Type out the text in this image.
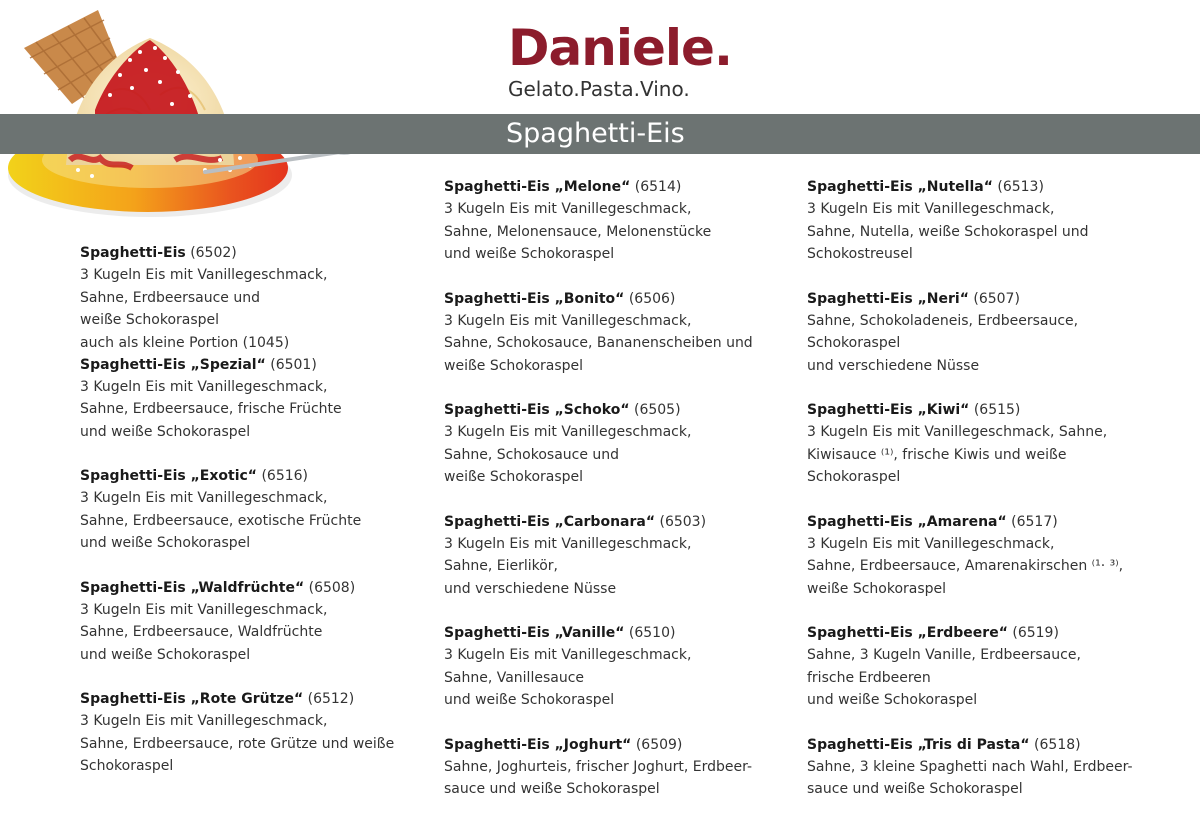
Daniele.
Gelato.Pasta.Vino.
Spaghetti-Eis
Spaghetti-Eis (6502)
3 Kugeln Eis mit Vanillegeschmack,
Sahne, Erdbeersauce und
weiße Schokoraspel
auch als kleine Portion (1045)
Spaghetti-Eis „Spezial“ (6501)
3 Kugeln Eis mit Vanillegeschmack,
Sahne, Erdbeersauce, frische Früchte
und weiße Schokoraspel
Spaghetti-Eis „Exotic“ (6516)
3 Kugeln Eis mit Vanillegeschmack,
Sahne, Erdbeersauce, exotische Früchte
und weiße Schokoraspel
Spaghetti-Eis „Waldfrüchte“ (6508)
3 Kugeln Eis mit Vanillegeschmack,
Sahne, Erdbeersauce, Waldfrüchte
und weiße Schokoraspel
Spaghetti-Eis „Rote Grütze“ (6512)
3 Kugeln Eis mit Vanillegeschmack,
Sahne, Erdbeersauce, rote Grütze und weiße
Schokoraspel
Spaghetti-Eis „Melone“ (6514)
3 Kugeln Eis mit Vanillegeschmack,
Sahne, Melonensauce, Melonenstücke
und weiße Schokoraspel
Spaghetti-Eis „Bonito“ (6506)
3 Kugeln Eis mit Vanillegeschmack,
Sahne, Schokosauce, Bananenscheiben und
weiße Schokoraspel
Spaghetti-Eis „Schoko“ (6505)
3 Kugeln Eis mit Vanillegeschmack,
Sahne, Schokosauce und
weiße Schokoraspel
Spaghetti-Eis „Carbonara“ (6503)
3 Kugeln Eis mit Vanillegeschmack,
Sahne, Eierlikör,
und verschiedene Nüsse
Spaghetti-Eis „Vanille“ (6510)
3 Kugeln Eis mit Vanillegeschmack,
Sahne, Vanillesauce
und weiße Schokoraspel
Spaghetti-Eis „Joghurt“ (6509)
Sahne, Joghurteis, frischer Joghurt, Erdbeer-
sauce und weiße Schokoraspel
Spaghetti-Eis „Nutella“ (6513)
3 Kugeln Eis mit Vanillegeschmack,
Sahne, Nutella, weiße Schokoraspel und
Schokostreusel
Spaghetti-Eis „Neri“ (6507)
Sahne, Schokoladeneis, Erdbeersauce,
Schokoraspel
und verschiedene Nüsse
Spaghetti-Eis „Kiwi“ (6515)
3 Kugeln Eis mit Vanillegeschmack, Sahne,
Kiwisauce ⁽¹⁾, frische Kiwis und weiße
Schokoraspel
Spaghetti-Eis „Amarena“ (6517)
3 Kugeln Eis mit Vanillegeschmack,
Sahne, Erdbeersauce, Amarenakirschen ⁽¹· ³⁾,
weiße Schokoraspel
Spaghetti-Eis „Erdbeere“ (6519)
Sahne, 3 Kugeln Vanille, Erdbeersauce,
frische Erdbeeren
und weiße Schokoraspel
Spaghetti-Eis „Tris di Pasta“ (6518)
Sahne, 3 kleine Spaghetti nach Wahl, Erdbeer-
sauce und weiße Schokoraspel
